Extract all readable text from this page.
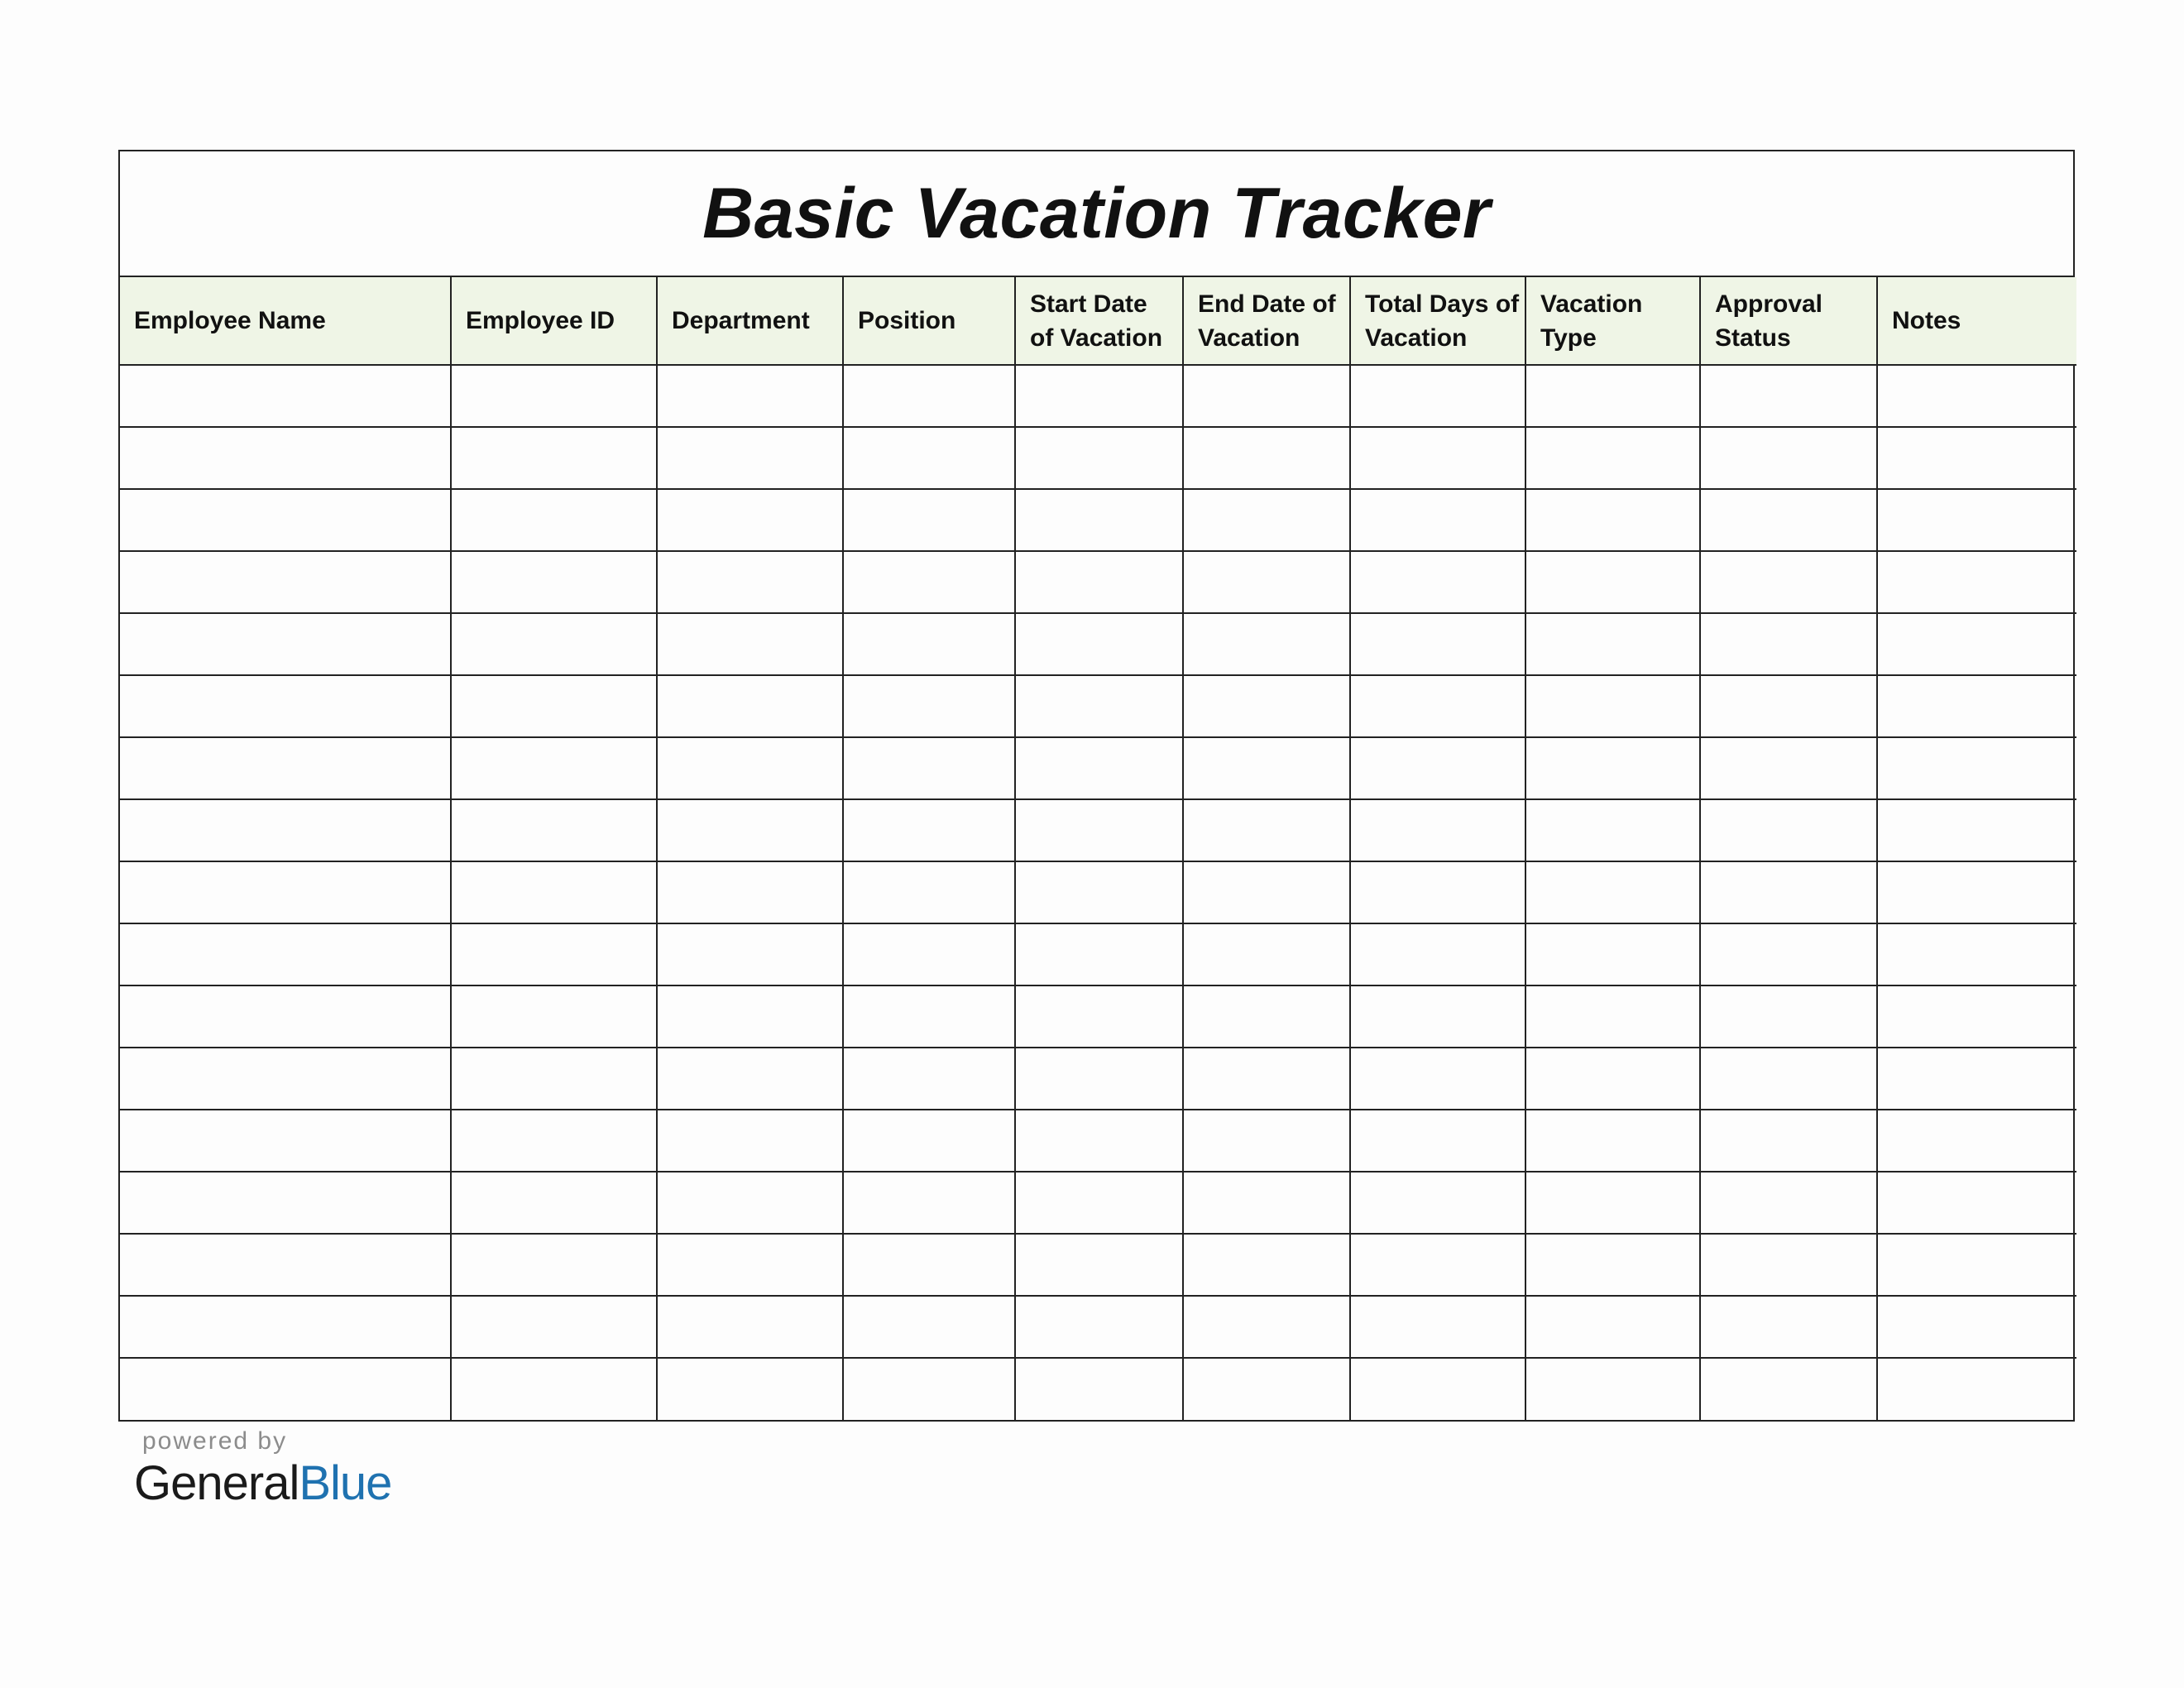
Basic Vacation Tracker
Employee Name	Employee ID	Department	Position	Start Date of Vacation	End Date of Vacation	Total Days of Vacation	Vacation Type	Approval Status	Notes

powered by
GeneralBlue
